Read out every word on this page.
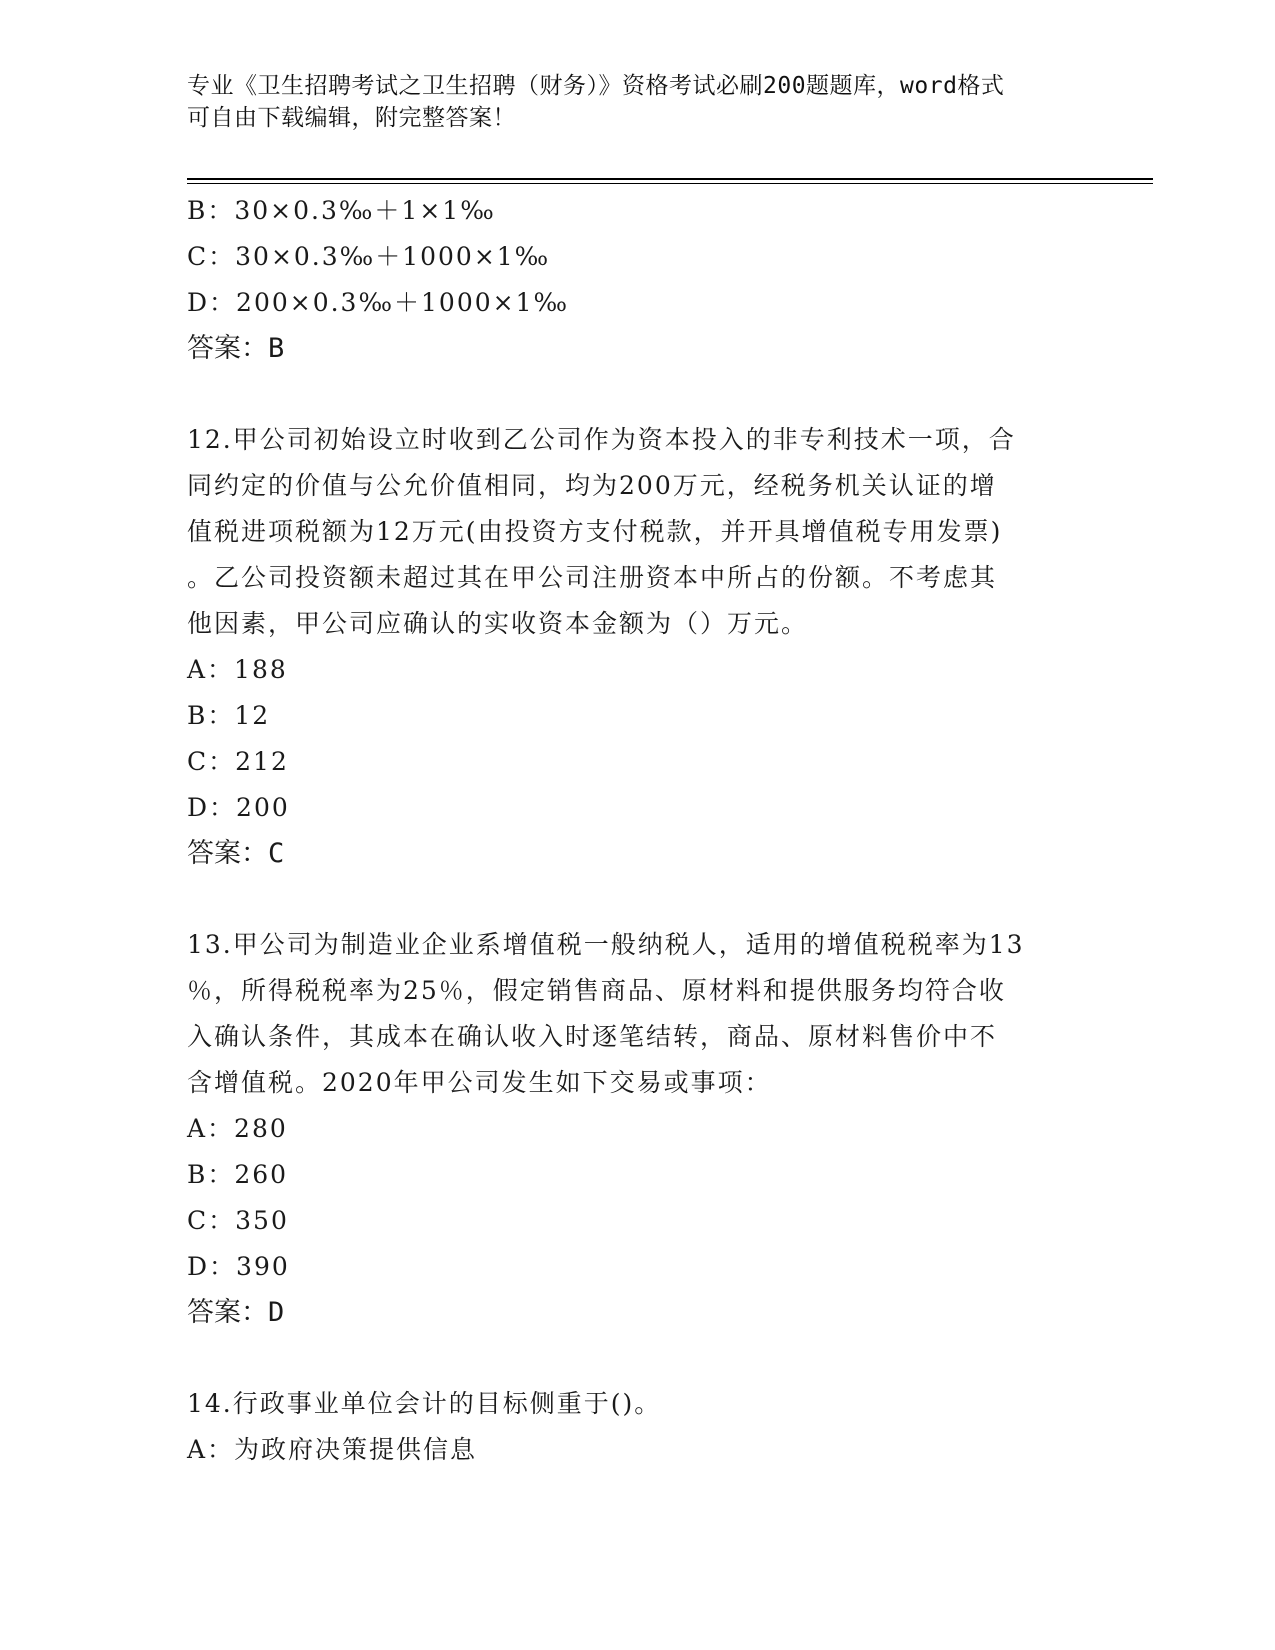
专业《卫生招聘考试之卫生招聘（财务）》资格考试必刷200题题库，word格式
可自由下载编辑，附完整答案！
B：30×0.3‰＋1×1‰
C：30×0.3‰＋1000×1‰
D：200×0.3‰＋1000×1‰
答案：B
12.甲公司初始设立时收到乙公司作为资本投入的非专利技术一项，合
同约定的价值与公允价值相同，均为200万元，经税务机关认证的增
值税进项税额为12万元(由投资方支付税款，并开具增值税专用发票)
。乙公司投资额未超过其在甲公司注册资本中所占的份额。不考虑其
他因素，甲公司应确认的实收资本金额为（）万元。
A：188
B：12
C：212
D：200
答案：C
13.甲公司为制造业企业系增值税一般纳税人，适用的增值税税率为13
％，所得税税率为25％，假定销售商品、原材料和提供服务均符合收
入确认条件，其成本在确认收入时逐笔结转，商品、原材料售价中不
含增值税。2020年甲公司发生如下交易或事项：
A：280
B：260
C：350
D：390
答案：D
14.行政事业单位会计的目标侧重于()。
A：为政府决策提供信息
